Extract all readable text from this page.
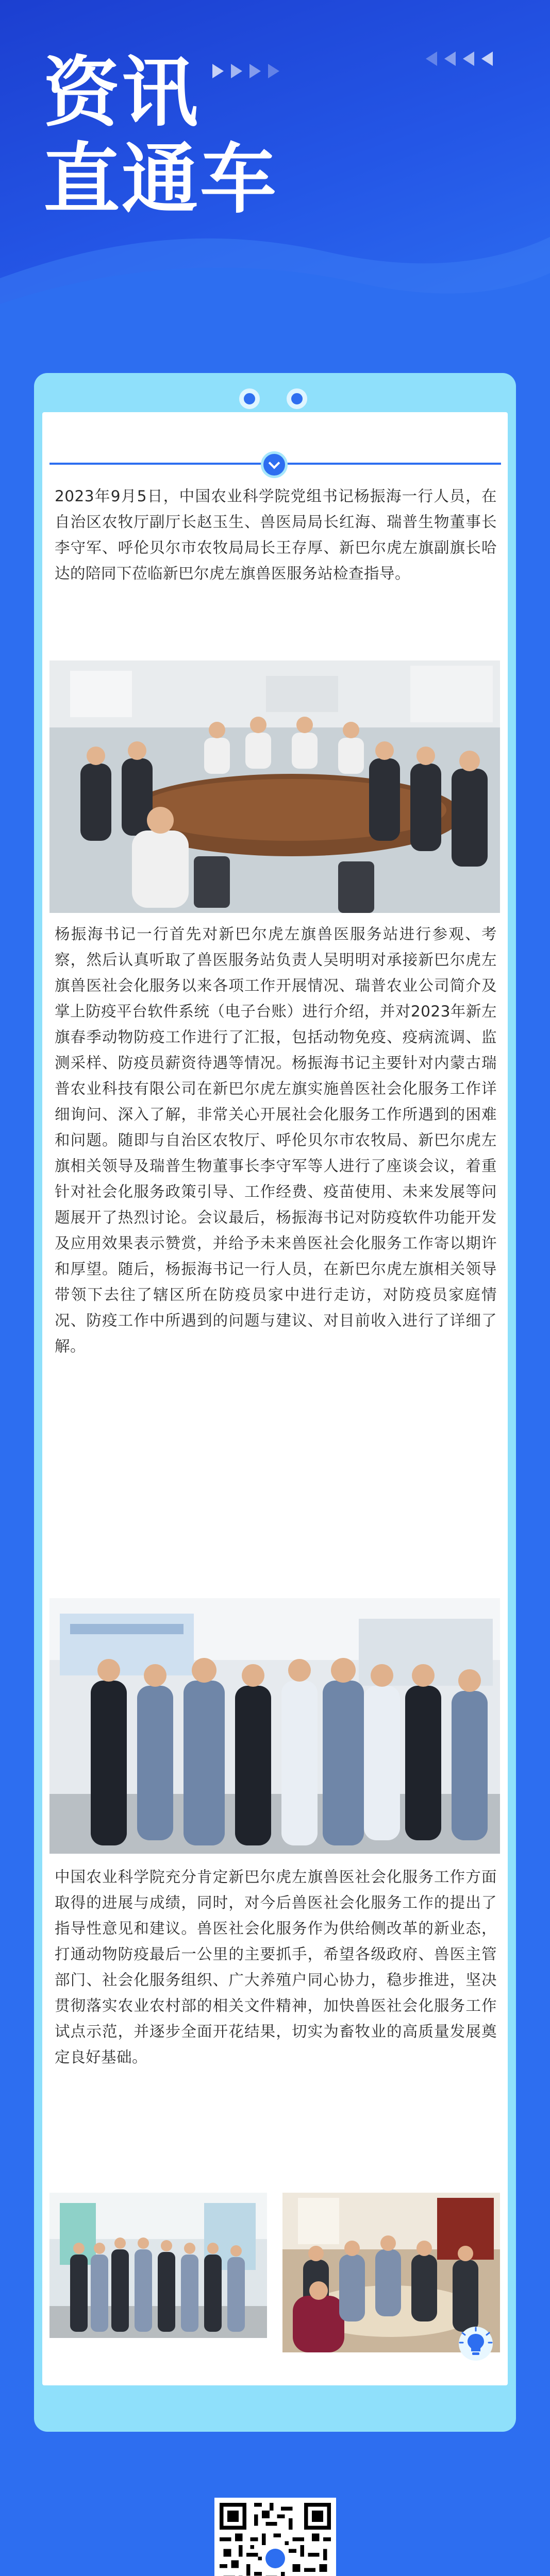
资讯
直通车

2023年9月5日，中国农业科学院党组书记杨振海一行人员，在自治区农牧厅副厅长赵玉生、兽医局局长红海、瑞普生物董事长李守军、呼伦贝尔市农牧局局长王存厚、新巴尔虎左旗副旗长哈达的陪同下莅临新巴尔虎左旗兽医服务站检查指导。

杨振海书记一行首先对新巴尔虎左旗兽医服务站进行参观、考察，然后认真听取了兽医服务站负责人吴明明对承接新巴尔虎左旗兽医社会化服务以来各项工作开展情况、瑞普农业公司简介及掌上防疫平台软件系统（电子台账）进行介绍，并对2023年新左旗春季动物防疫工作进行了汇报，包括动物免疫、疫病流调、监测采样、防疫员薪资待遇等情况。杨振海书记主要针对内蒙古瑞普农业科技有限公司在新巴尔虎左旗实施兽医社会化服务工作详细询问、深入了解，非常关心开展社会化服务工作所遇到的困难和问题。随即与自治区农牧厅、呼伦贝尔市农牧局、新巴尔虎左旗相关领导及瑞普生物董事长李守军等人进行了座谈会议，着重针对社会化服务政策引导、工作经费、疫苗使用、未来发展等问题展开了热烈讨论。会议最后，杨振海书记对防疫软件功能开发及应用效果表示赞赏，并给予未来兽医社会化服务工作寄以期许和厚望。随后，杨振海书记一行人员，在新巴尔虎左旗相关领导带领下去往了辖区所在防疫员家中进行走访，对防疫员家庭情况、防疫工作中所遇到的问题与建议、对目前收入进行了详细了解。

中国农业科学院充分肯定新巴尔虎左旗兽医社会化服务工作方面取得的进展与成绩，同时，对今后兽医社会化服务工作的提出了指导性意见和建议。兽医社会化服务作为供给侧改革的新业态，打通动物防疫最后一公里的主要抓手，希望各级政府、兽医主管部门、社会化服务组织、广大养殖户同心协力，稳步推进，坚决贯彻落实农业农村部的相关文件精神，加快兽医社会化服务工作试点示范，并逐步全面开花结果，切实为畜牧业的高质量发展奠定良好基础。
